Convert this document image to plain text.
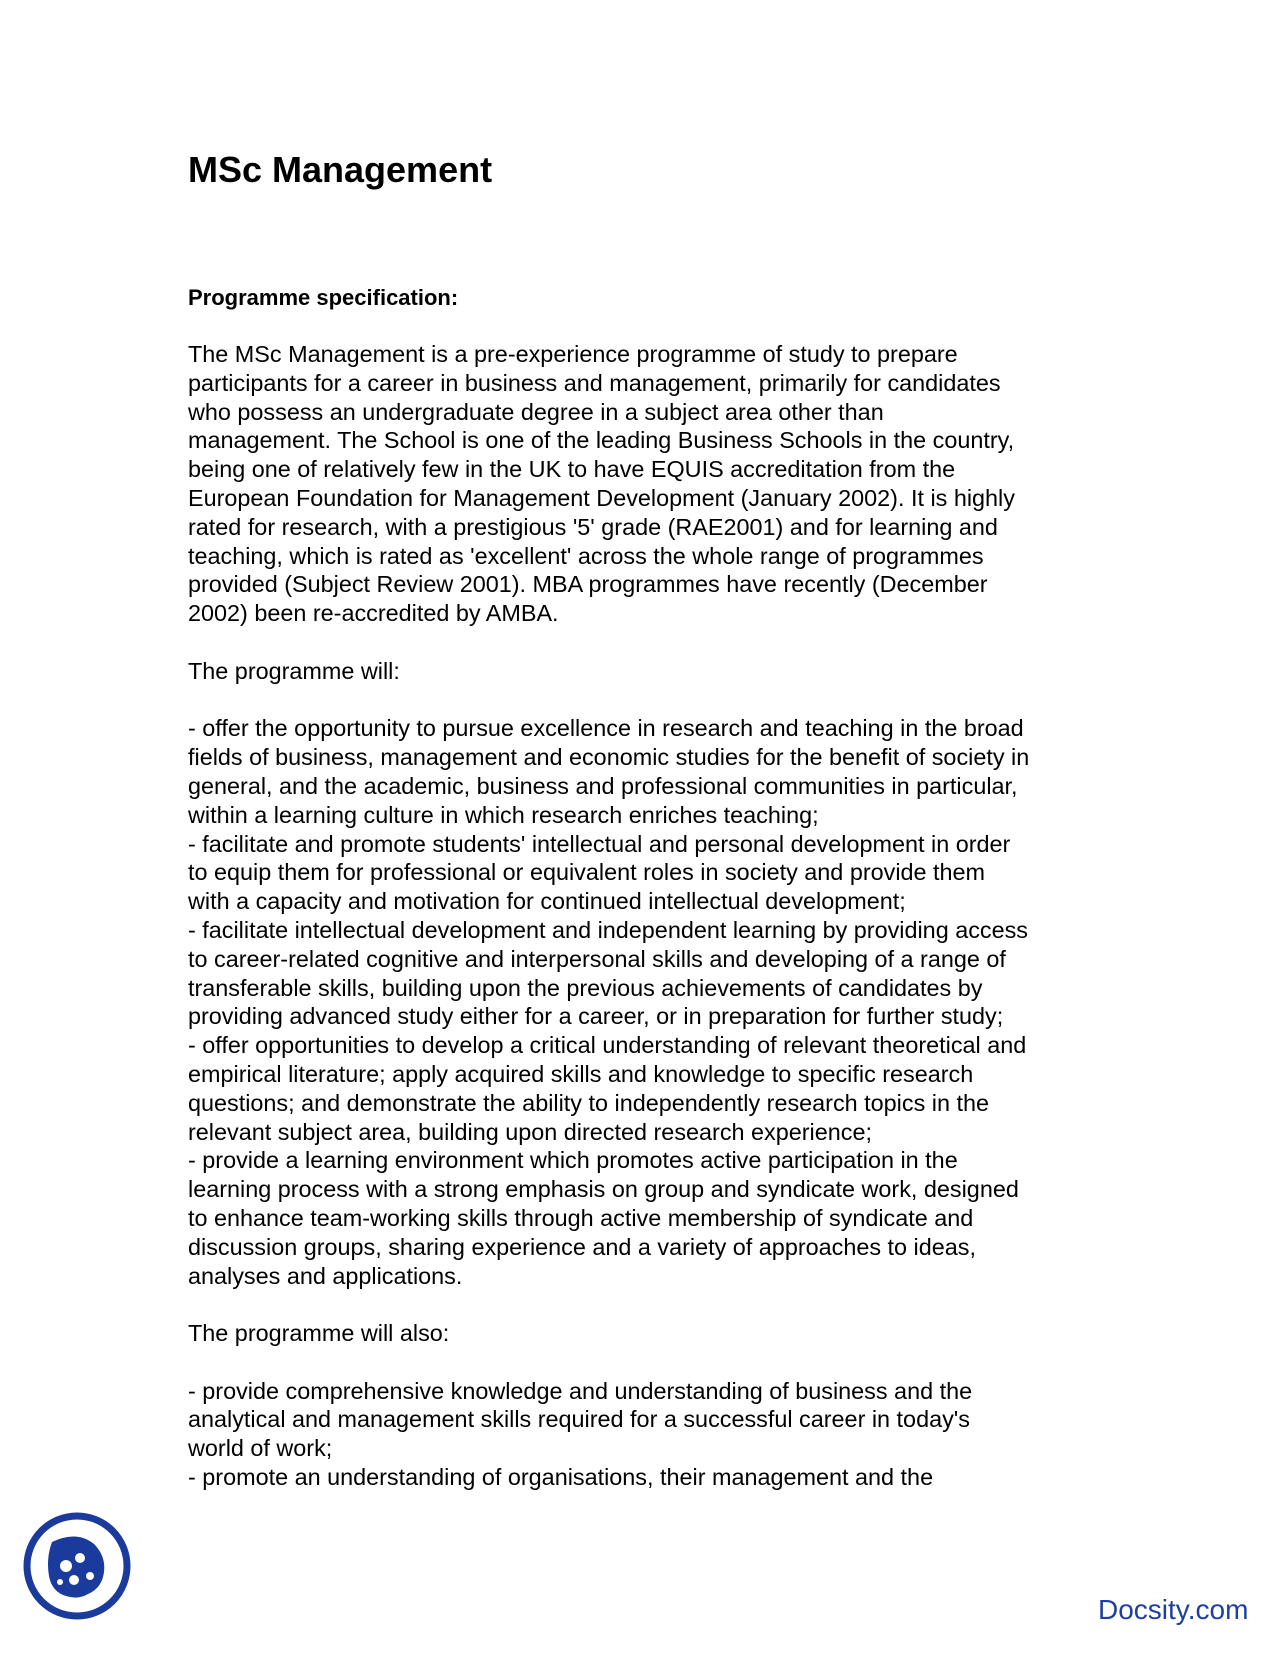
MSc Management
Programme specification:
The MSc Management is a pre-experience programme of study to prepare
participants for a career in business and management, primarily for candidates
who possess an undergraduate degree in a subject area other than
management. The School is one of the leading Business Schools in the country,
being one of relatively few in the UK to have EQUIS accreditation from the
European Foundation for Management Development (January 2002). It is highly
rated for research, with a prestigious '5' grade (RAE2001) and for learning and
teaching, which is rated as 'excellent' across the whole range of programmes
provided (Subject Review 2001). MBA programmes have recently (December
2002) been re-accredited by AMBA.
The programme will:
- offer the opportunity to pursue excellence in research and teaching in the broad
fields of business, management and economic studies for the benefit of society in
general, and the academic, business and professional communities in particular,
within a learning culture in which research enriches teaching;
- facilitate and promote students' intellectual and personal development in order
to equip them for professional or equivalent roles in society and provide them
with a capacity and motivation for continued intellectual development;
- facilitate intellectual development and independent learning by providing access
to career-related cognitive and interpersonal skills and developing of a range of
transferable skills, building upon the previous achievements of candidates by
providing advanced study either for a career, or in preparation for further study;
- offer opportunities to develop a critical understanding of relevant theoretical and
empirical literature; apply acquired skills and knowledge to specific research
questions; and demonstrate the ability to independently research topics in the
relevant subject area, building upon directed research experience;
- provide a learning environment which promotes active participation in the
learning process with a strong emphasis on group and syndicate work, designed
to enhance team-working skills through active membership of syndicate and
discussion groups, sharing experience and a variety of approaches to ideas,
analyses and applications.
The programme will also:
- provide comprehensive knowledge and understanding of business and the
analytical and management skills required for a successful career in today's
world of work;
- promote an understanding of organisations, their management and the
Docsity.com
